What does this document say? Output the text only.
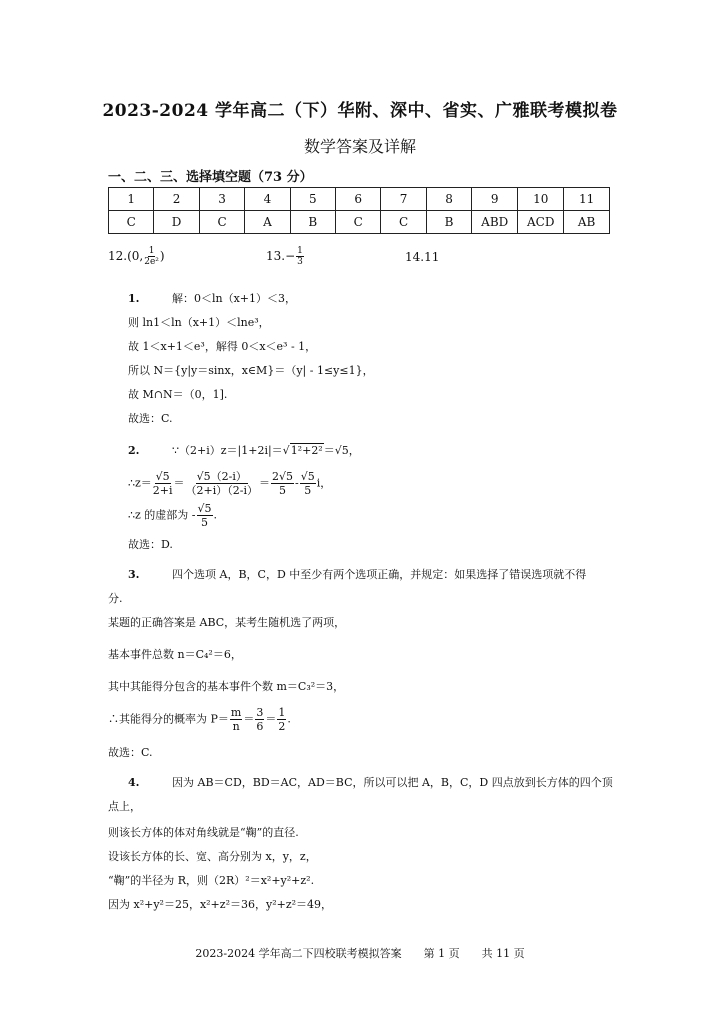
2023-2024 学年高二（下）华附、深中、省实、广雅联考模拟卷
数学答案及详解
一、二、三、选择填空题（73 分）
1	2	3	4	5	6	7	8	9	10	11
C	D	C	A	B	C	C	B	ABD	ACD	AB
12.(0, $\frac{1}{\text{2e²}}$ )	$13.- \frac{1}{3}$	14.11
1.	解：0＜ln（x+1）＜3，
则 ln1＜ln（x+1）＜lne³，
故 1＜x+1＜e³，解得 0＜x＜e³ - 1，
所以 N＝{y|y＝sinx，x∈M}＝（y| - 1≤y≤1}，
故 M∩N＝（0，1].
故选：C.
2.	∵（2+i）z＝|1+2i|＝√1²+2²＝√5，
∴z＝ $\frac{√5}{2+i} = \frac{√5(2-i)}{(2+i)(2-i)} = \frac{2√5}{5} - \frac{√5}{5}$ i，
∴z 的虚部为 - $\frac{√5}{5}$ .
故选：D.
3.	四个选项 A，B，C，D 中至少有两个选项正确，并规定：如果选择了错误选项就不得
分.
某题的正确答案是 ABC，某考生随机选了两项，
基本事件总数 n＝C₄²＝6，
其中其能得分包含的基本事件个数 m＝C₃²＝3，
∴其能得分的概率为 $P= \frac{m}{n} = \frac{3}{6} = \frac{1}{2}$ .
故选：C.
4.	因为 AB＝CD，BD＝AC，AD＝BC，所以可以把 A，B，C，D 四点放到长方体的四个顶
点上，
则该长方体的体对角线就是“鞠”的直径.
设该长方体的长、宽、高分别为 x，y，z，
“鞠”的半径为 R，则（2R）²＝x²+y²+z².
因为 x²+y²＝25，x²+z²＝36，y²+z²＝49，
2023-2024 学年高二下四校联考模拟答案　　第 1 页　　共 11 页
